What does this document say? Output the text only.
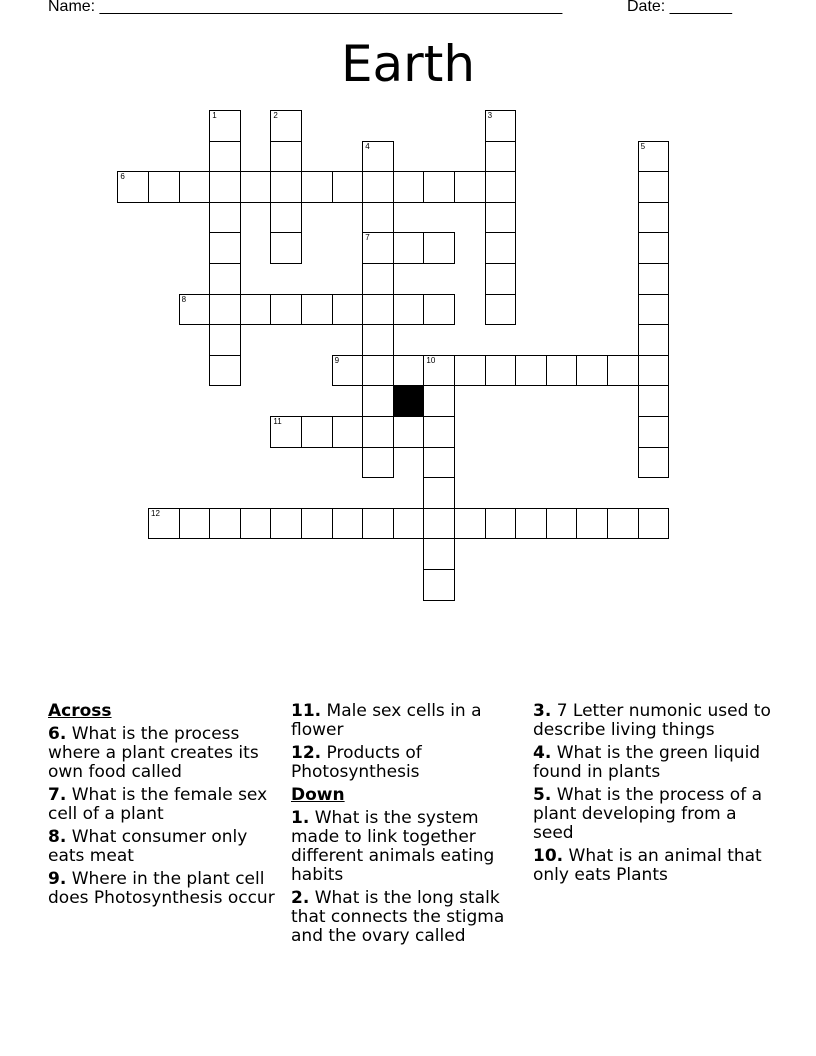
Name: ____________________________________________________	Date: _______
Earth
1	2	3
4	5
6
7
8
9	10
11
12
Across
6. What is the process where a plant creates its own food called
7. What is the female sex cell of a plant
8. What consumer only eats meat
9. Where in the plant cell does Photosynthesis occur
11. Male sex cells in a flower
12. Products of Photosynthesis
Down
1. What is the system made to link together different animals eating habits
2. What is the long stalk that connects the stigma and the ovary called
3. 7 Letter numonic used to describe living things
4. What is the green liquid found in plants
5. What is the process of a plant developing from a seed
10. What is an animal that only eats Plants
